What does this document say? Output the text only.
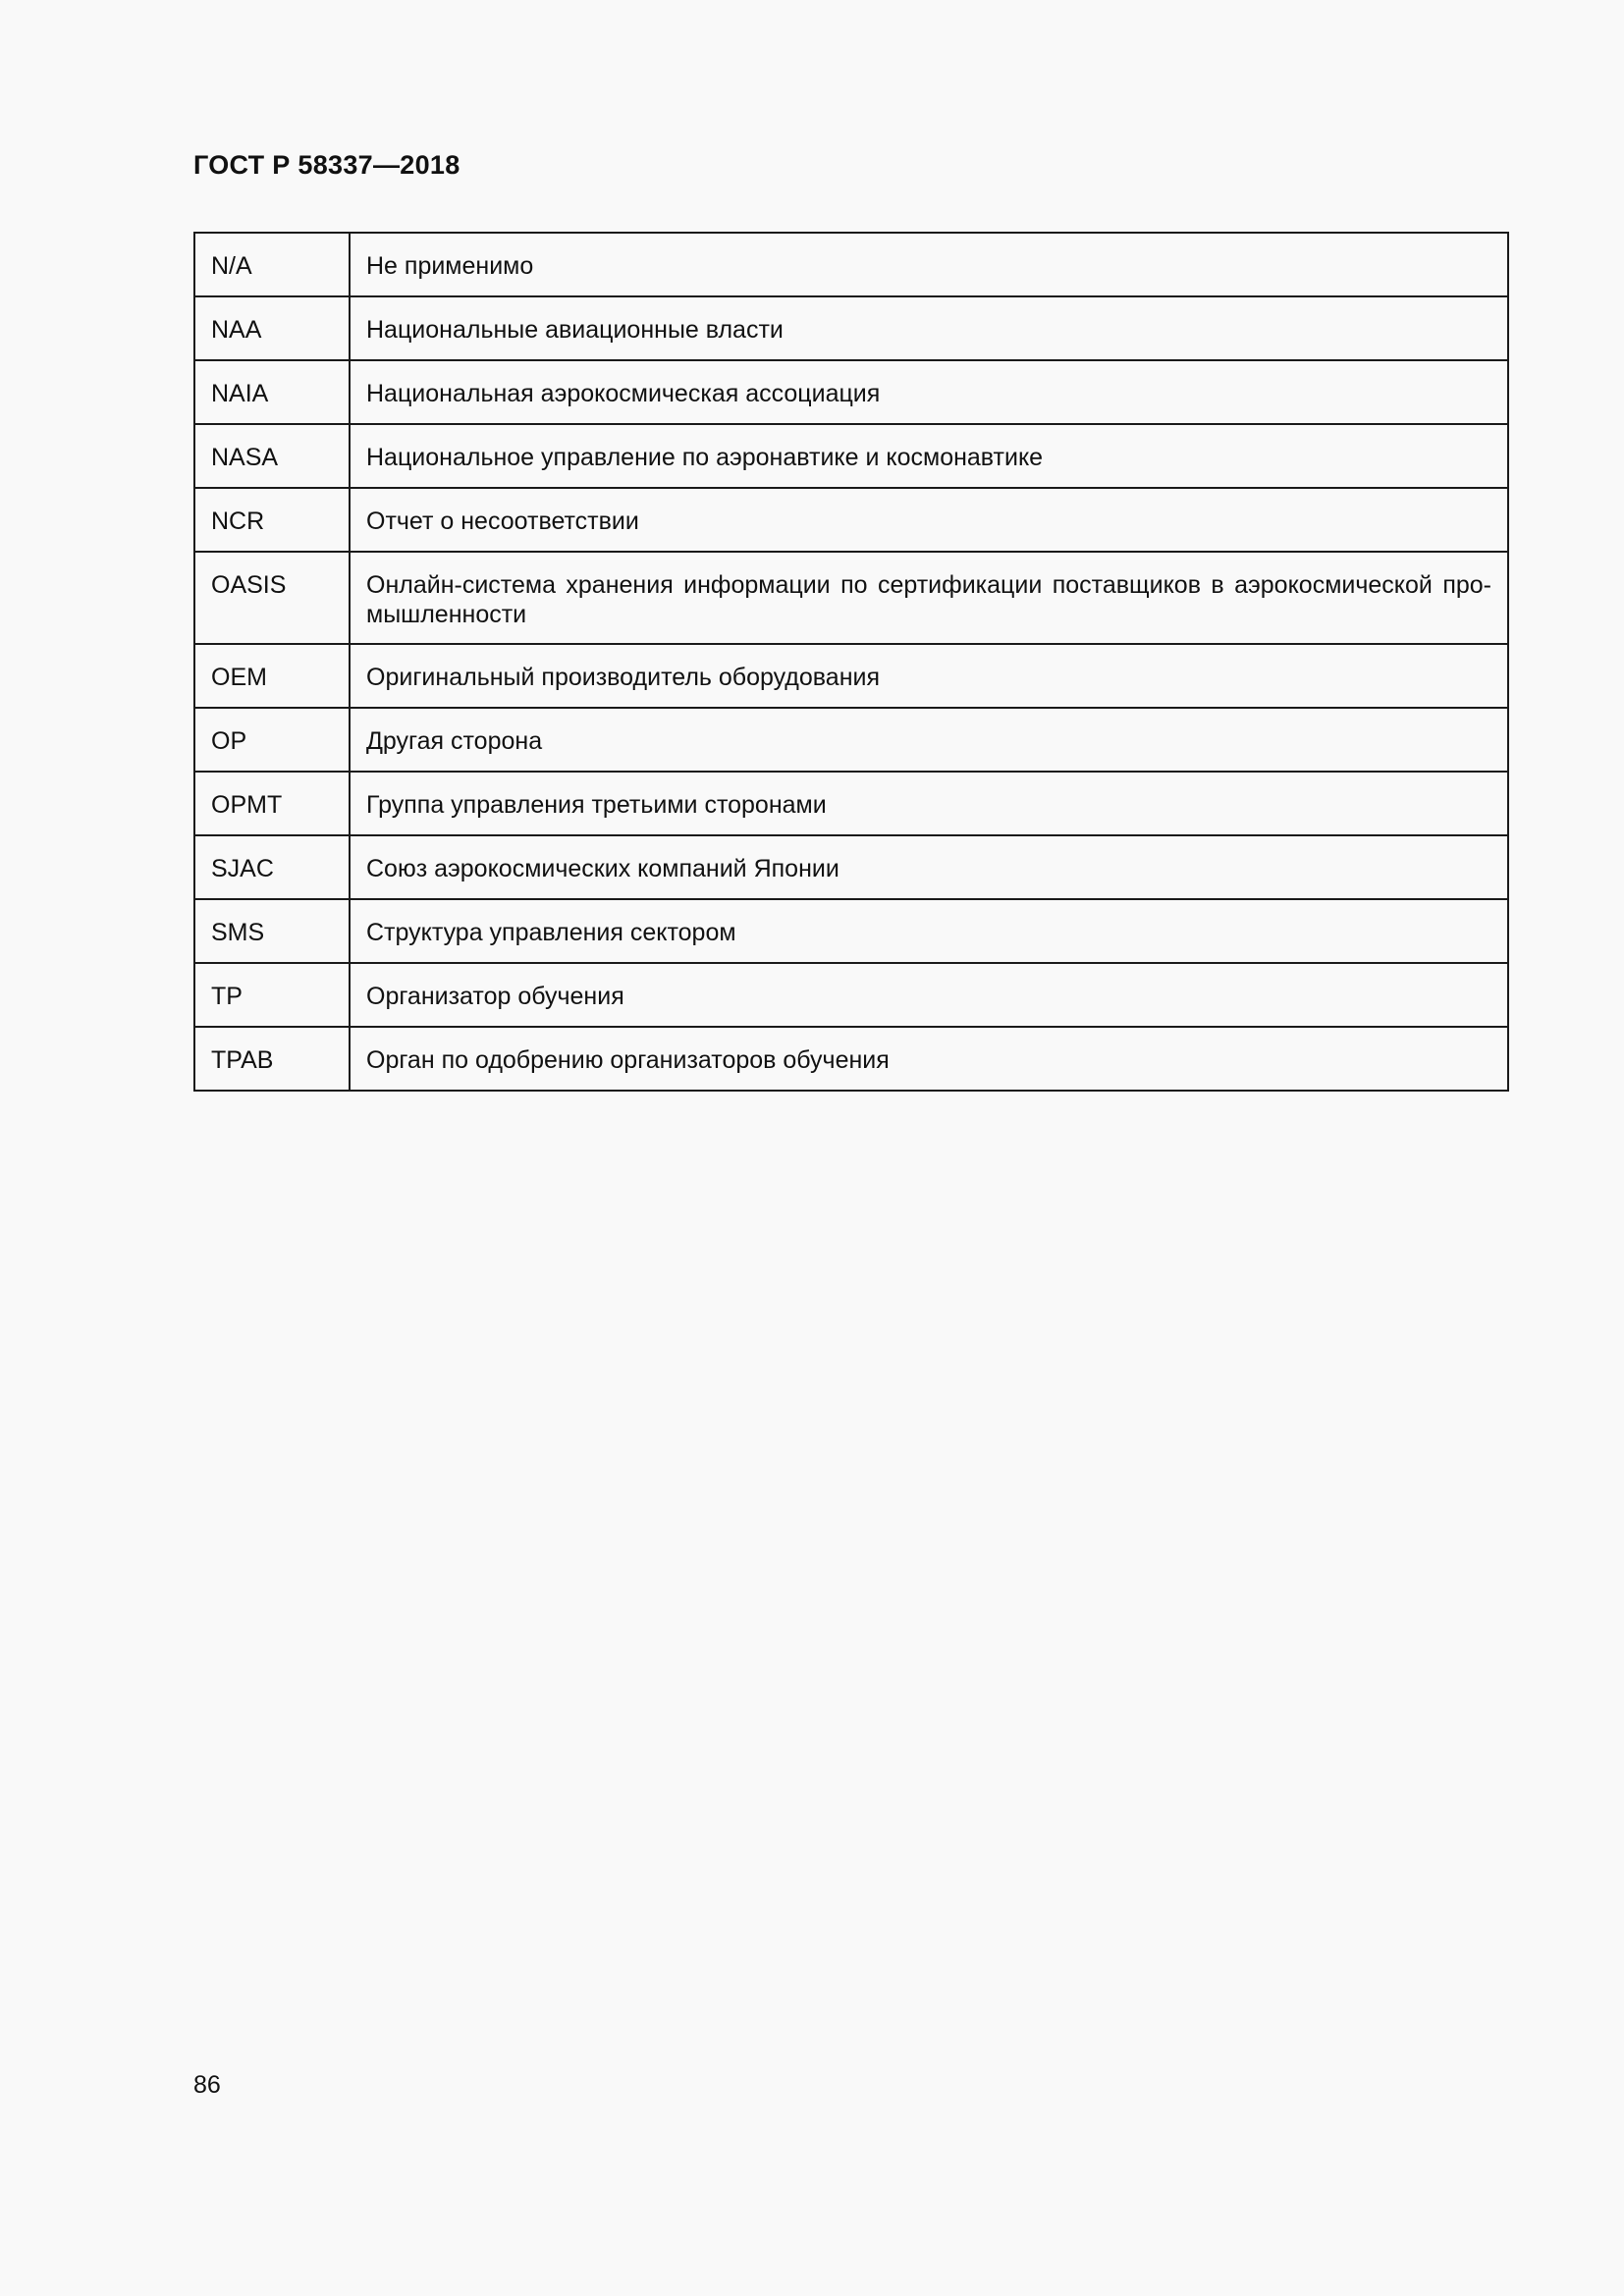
ГОСТ Р 58337—2018
N/A	Не применимо

NAA	Национальные авиационные власти

NAIA	Национальная аэрокосмическая ассоциация

NASA	Национальное управление по аэронавтике и космонавтике

NCR	Отчет о несоответствии

OASIS	Онлайн-система хранения информации по сертификации поставщиков в аэрокосмической промышленности

OEM	Оригинальный производитель оборудования

OP	Другая сторона

OPMT	Группа управления третьими сторонами

SJAC	Союз аэрокосмических компаний Японии

SMS	Структура управления сектором

TP	Организатор обучения

TPAB	Орган по одобрению организаторов обучения
86
